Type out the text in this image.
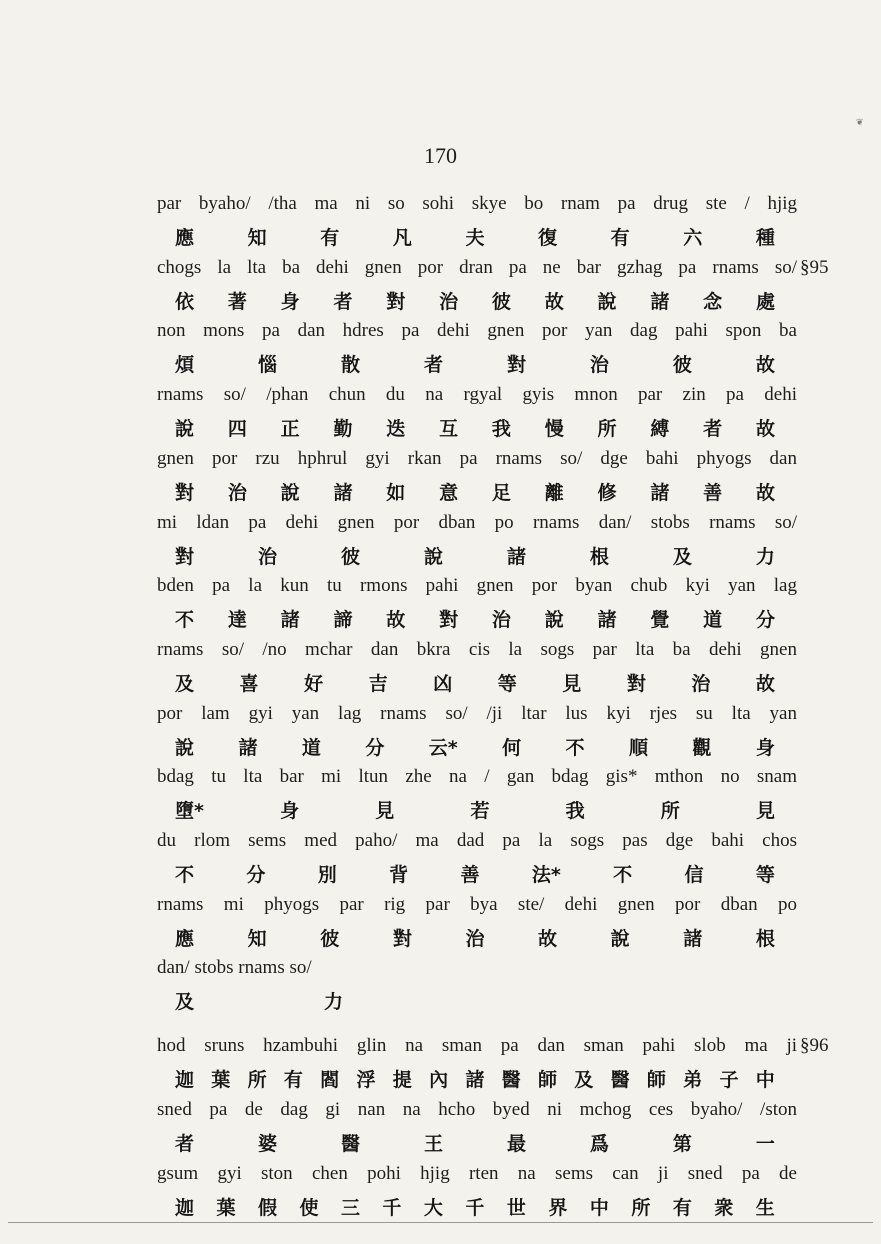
❦
170
par byaho/ /tha ma ni so sohi skye bo rnam pa drug ste / hjig
應	知	有	凡	夫	復	有	六	種
chogs la lta ba dehi gnen por dran pa ne bar gzhag pa rnams so/ §95
依 著 身 者 對 治 彼 故 說 諸 念 處
non mons pa dan hdres pa dehi gnen por yan dag pahi spon ba
煩	惱	散	者	對	治	彼	故
rnams so/ /phan chun du na rgyal gyis mnon par zin pa dehi
說 四 正 勤 迭 互 我 慢 所 縛 者 故
gnen por rzu hphrul gyi rkan pa rnams so/ dge bahi phyogs dan
對 治 說 諸 如 意 足 離 修 諸 善 故
mi ldan pa dehi gnen por dban po rnams dan/ stobs rnams so/
對	治	彼	說	諸	根	及	力
bden pa la kun tu rmons pahi gnen por byan chub kyi yan lag
不 達 諸 諦 故 對 治 說 諸 覺 道 分
rnams so/ /no mchar dan bkra cis la sogs par lta ba dehi gnen
及 喜 好 吉 凶 等 見 對 治 故
por lam gyi yan lag rnams so/ /ji ltar lus kyi rjes su lta yan
說 諸 道 分 云* 何 不 順 觀 身
bdag tu lta bar mi ltun zhe na / gan bdag gis* mthon no snam
墮*	身	見	若	我	所	見
du rlom sems med paho/ ma dad pa la sogs pas dge bahi chos
不	分	別	背	善	法*	不	信	等
rnams mi phyogs par rig par bya ste/ dehi gnen por dban po
應	知	彼	對	治	故	說	諸	根
dan/ stobs rnams so/
及	力
hod sruns hzambuhi glin na sman pa dan sman pahi slob ma ji §96
迦 葉 所 有 閻 浮 提 內 諸 醫 師 及 醫 師 弟 子 中
sned pa de dag gi nan na hcho byed ni mchog ces byaho/ /ston
者	婆	醫	王	最	爲	第	一
gsum gyi ston chen pohi hjig rten na sems can ji sned pa de
迦 葉 假 使 三 千 大 千 世 界 中 所 有 衆 生
